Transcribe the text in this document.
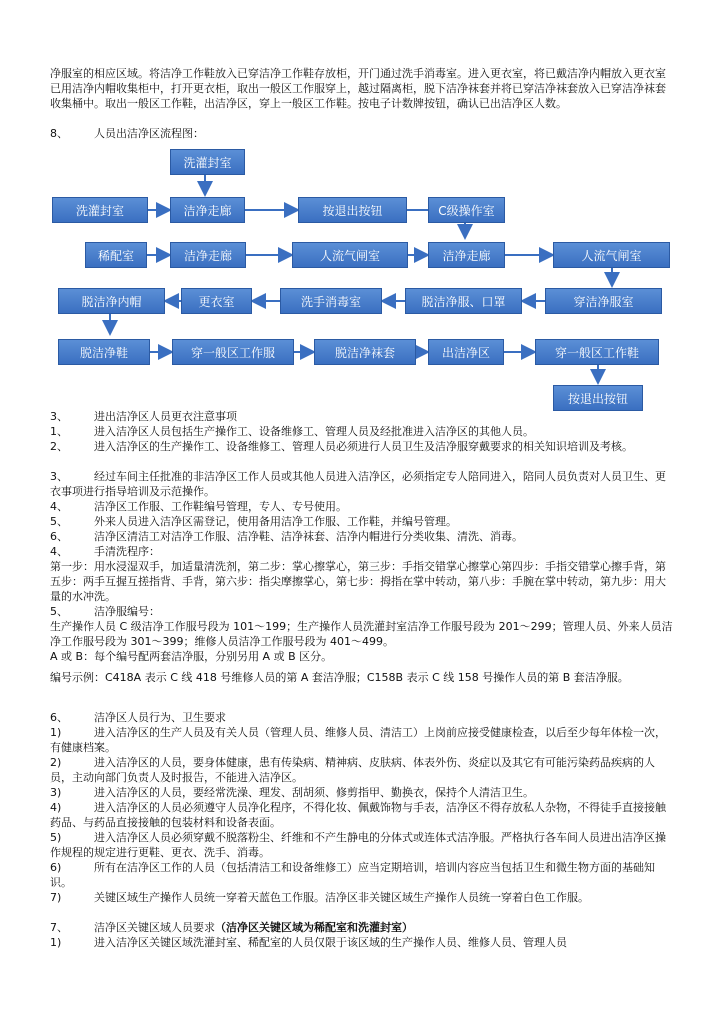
净服室的相应区域。将洁净工作鞋放入已穿洁净工作鞋存放柜，开门通过洗手消毒室。进入更衣室，将已戴洁净内帽放入更衣室已用洁净内帽收集柜中，打开更衣柜，取出一般区工作服穿上，越过隔离柜，脱下洁净袜套并将已穿洁净袜套放入已穿洁净袜套收集桶中。取出一般区工作鞋，出洁净区，穿上一般区工作鞋。按电子计数牌按钮，确认已出洁净区人数。

8、 人员出洁净区流程图：

洗灌封室
洗灌封室	洁净走廊	按退出按钮	C级操作室
稀配室	洁净走廊	人流气闸室	洁净走廊	人流气闸室
脱洁净内帽	更衣室	洗手消毒室	脱洁净服、口罩	穿洁净服室
脱洁净鞋	穿一般区工作服	脱洁净袜套	出洁净区	穿一般区工作鞋
按退出按钮

3、 进出洁净区人员更衣注意事项

1、 进入洁净区人员包括生产操作工、设备维修工、管理人员及经批准进入洁净区的其他人员。

2、 进入洁净区的生产操作工、设备维修工、管理人员必须进行人员卫生及洁净服穿戴要求的相关知识培训及考核。

3、 经过车间主任批准的非洁净区工作人员或其他人员进入洁净区，必须指定专人陪同进入，陪同人员负责对人员卫生、更衣事项进行指导培训及示范操作。

4、 洁净区工作服、工作鞋编号管理，专人、专号使用。

5、 外来人员进入洁净区需登记，使用备用洁净工作服、工作鞋，并编号管理。

6、 洁净区清洁工对洁净工作服、洁净鞋、洁净袜套、洁净内帽进行分类收集、清洗、消毒。

4、 手清洗程序：

第一步：用水浸湿双手，加适量清洗剂，第二步：掌心擦掌心，第三步：手指交错掌心擦掌心第四步：手指交错掌心擦手背，第五步：两手互握互搓指背、手背，第六步：指尖摩擦掌心，第七步：拇指在掌中转动，第八步：手腕在掌中转动，第九步：用大量的水冲洗。

5、 洁净服编号：

生产操作人员 C 级洁净工作服号段为 101～199；生产操作人员洗灌封室洁净工作服号段为 201～299；管理人员、外来人员洁净工作服号段为 301～399；维修人员洁净工作服号段为 401～499。

A 或 B：每个编号配两套洁净服，分别另用 A 或 B 区分。

编号示例：C418A 表示 C 线 418 号维修人员的第 A 套洁净服；C158B 表示 C 线 158 号操作人员的第 B 套洁净服。

6、 洁净区人员行为、卫生要求

1)	进入洁净区的生产人员及有关人员（管理人员、维修人员、清洁工）上岗前应接受健康检查，以后至少每年体检一次，有健康档案。

2)	进入洁净区的人员，要身体健康，患有传染病、精神病、皮肤病、体表外伤、炎症以及其它有可能污染药品疾病的人员，主动向部门负责人及时报告，不能进入洁净区。

3)	进入洁净区的人员，要经常洗澡、理发、刮胡须、修剪指甲、勤换衣，保持个人清洁卫生。

4)	进入洁净区的人员必须遵守人员净化程序，不得化妆、佩戴饰物与手表，洁净区不得存放私人杂物，不得徒手直接接触药品、与药品直接接触的包装材料和设备表面。

5)	进入洁净区人员必须穿戴不脱落粉尘、纤维和不产生静电的分体式或连体式洁净服。严格执行各车间人员进出洁净区操作规程的规定进行更鞋、更衣、洗手、消毒。

6)	所有在洁净区工作的人员（包括清洁工和设备维修工）应当定期培训，培训内容应当包括卫生和微生物方面的基础知识。

7)	关键区域生产操作人员统一穿着天蓝色工作服。洁净区非关键区域生产操作人员统一穿着白色工作服。

7、 洁净区关键区域人员要求（洁净区关键区域为稀配室和洗灌封室）

1)	进入洁净区关键区域洗灌封室、稀配室的人员仅限于该区域的生产操作人员、维修人员、管理人员
